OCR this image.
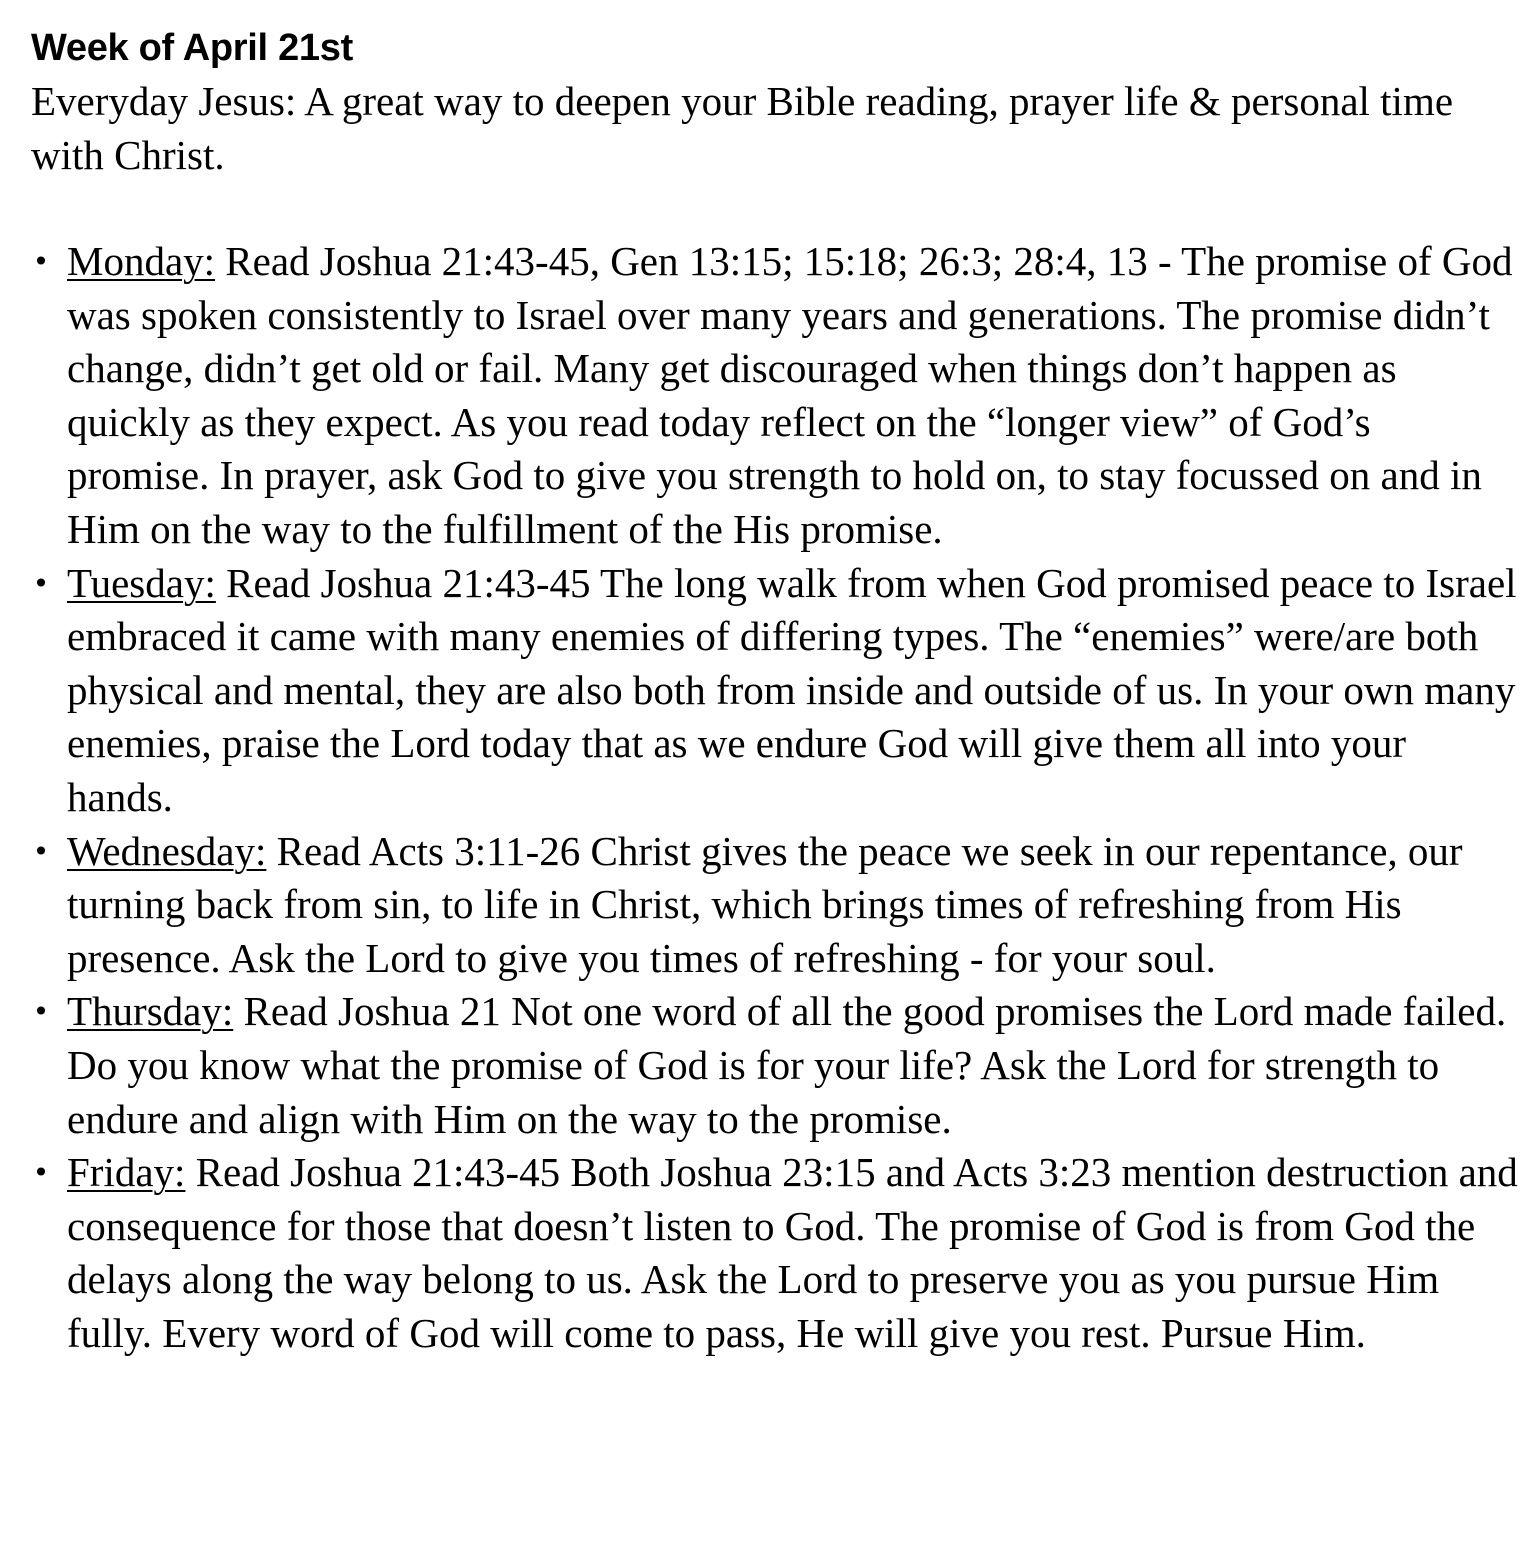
Week of April 21st

Everyday Jesus: A great way to deepen your Bible reading, prayer life & personal time with Christ.

• Monday: Read Joshua 21:43-45, Gen 13:15; 15:18; 26:3; 28:4, 13 - The promise of God was spoken consistently to Israel over many years and generations. The promise didn’t change, didn’t get old or fail. Many get discouraged when things don’t happen as quickly as they expect. As you read today reflect on the “longer view” of God’s promise. In prayer, ask God to give you strength to hold on, to stay focussed on and in Him on the way to the fulfillment of the His promise.
• Tuesday: Read Joshua 21:43-45 The long walk from when God promised peace to Israel embraced it came with many enemies of differing types. The “enemies” were/are both physical and mental, they are also both from inside and outside of us. In your own many enemies, praise the Lord today that as we endure God will give them all into your hands.
• Wednesday: Read Acts 3:11-26 Christ gives the peace we seek in our repentance, our turning back from sin, to life in Christ, which brings times of refreshing from His presence. Ask the Lord to give you times of refreshing - for your soul.
• Thursday: Read Joshua 21 Not one word of all the good promises the Lord made failed. Do you know what the promise of God is for your life? Ask the Lord for strength to endure and align with Him on the way to the promise.
• Friday: Read Joshua 21:43-45 Both Joshua 23:15 and Acts 3:23 mention destruction and consequence for those that doesn’t listen to God. The promise of God is from God the delays along the way belong to us. Ask the Lord to preserve you as you pursue Him fully. Every word of God will come to pass, He will give you rest. Pursue Him.
